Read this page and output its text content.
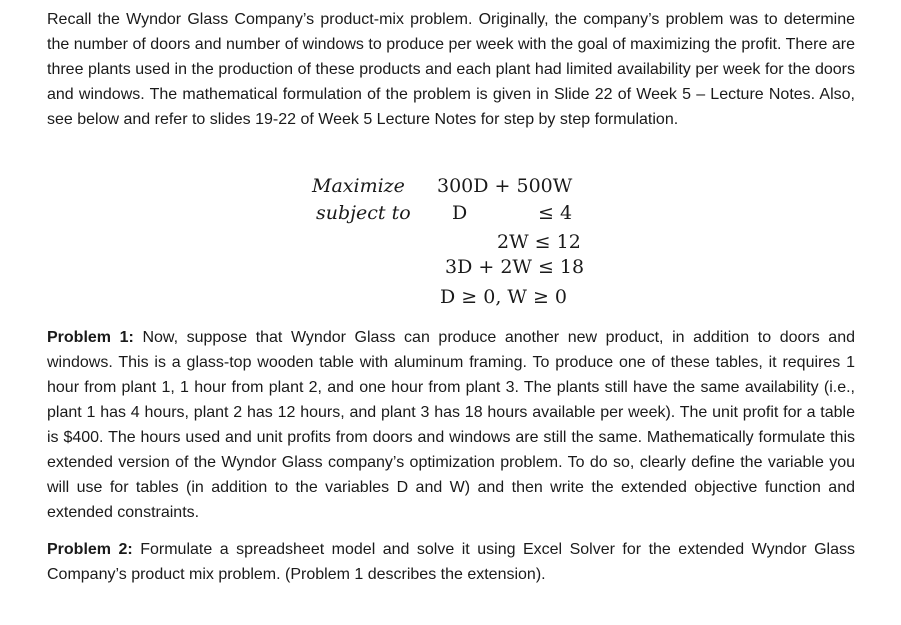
Recall the Wyndor Glass Company’s product-mix problem. Originally, the company’s problem was to determine the number of doors and number of windows to produce per week with the goal of maximizing the profit. There are three plants used in the production of these products and each plant had limited availability per week for the doors and windows. The mathematical formulation of the problem is given in Slide 22 of Week 5 – Lecture Notes. Also, see below and refer to slides 19-22 of Week 5 Lecture Notes for step by step formulation.

Maximize
subject to
300D + 500W
D	≤ 4
2W ≤ 12
3D + 2W ≤ 18
D ≥ 0, W ≥ 0

Problem 1: Now, suppose that Wyndor Glass can produce another new product, in addition to doors and windows. This is a glass-top wooden table with aluminum framing. To produce one of these tables, it requires 1 hour from plant 1, 1 hour from plant 2, and one hour from plant 3. The plants still have the same availability (i.e., plant 1 has 4 hours, plant 2 has 12 hours, and plant 3 has 18 hours available per week). The unit profit for a table is $400. The hours used and unit profits from doors and windows are still the same. Mathematically formulate this extended version of the Wyndor Glass company’s optimization problem. To do so, clearly define the variable you will use for tables (in addition to the variables D and W) and then write the extended objective function and extended constraints.

Problem 2: Formulate a spreadsheet model and solve it using Excel Solver for the extended Wyndor Glass Company’s product mix problem. (Problem 1 describes the extension).
